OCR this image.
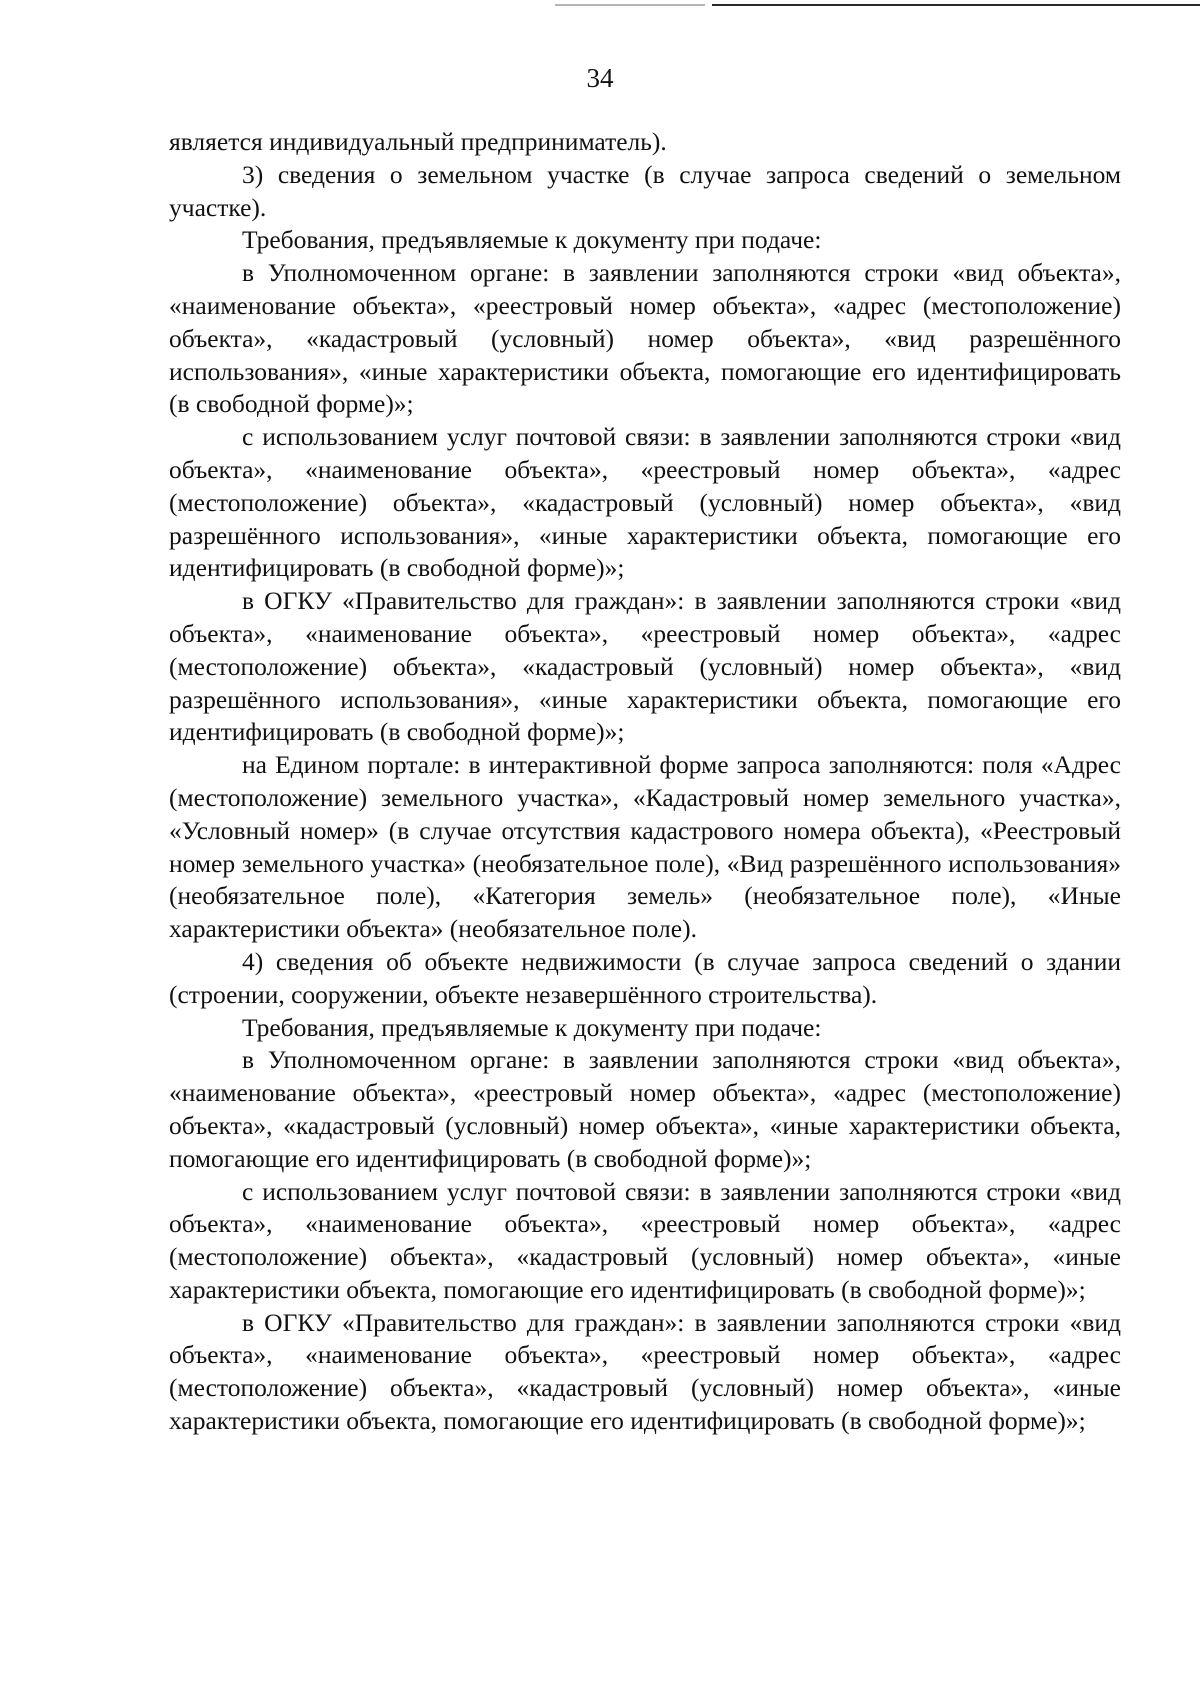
34

является индивидуальный предприниматель).

3) сведения о земельном участке (в случае запроса сведений о земельном участке).

Требования, предъявляемые к документу при подаче:

в Уполномоченном органе: в заявлении заполняются строки «вид объекта», «наименование объекта», «реестровый номер объекта», «адрес (местоположение) объекта», «кадастровый (условный) номер объекта», «вид разрешённого использования», «иные характеристики объекта, помогающие его идентифицировать (в свободной форме)»;

с использованием услуг почтовой связи: в заявлении заполняются строки «вид объекта», «наименование объекта», «реестровый номер объекта», «адрес (местоположение) объекта», «кадастровый (условный) номер объекта», «вид разрешённого использования», «иные характеристики объекта, помогающие его идентифицировать (в свободной форме)»;

в ОГКУ «Правительство для граждан»: в заявлении заполняются строки «вид объекта», «наименование объекта», «реестровый номер объекта», «адрес (местоположение) объекта», «кадастровый (условный) номер объекта», «вид разрешённого использования», «иные характеристики объекта, помогающие его идентифицировать (в свободной форме)»;

на Едином портале: в интерактивной форме запроса заполняются: поля «Адрес (местоположение) земельного участка», «Кадастровый номер земельного участка», «Условный номер» (в случае отсутствия кадастрового номера объекта), «Реестровый номер земельного участка» (необязательное поле), «Вид разрешённого использования» (необязательное поле), «Категория земель» (необязательное поле), «Иные характеристики объекта» (необязательное поле).

4) сведения об объекте недвижимости (в случае запроса сведений о здании (строении, сооружении, объекте незавершённого строительства).

Требования, предъявляемые к документу при подаче:

в Уполномоченном органе: в заявлении заполняются строки «вид объекта», «наименование объекта», «реестровый номер объекта», «адрес (местоположение) объекта», «кадастровый (условный) номер объекта», «иные характеристики объекта, помогающие его идентифицировать (в свободной форме)»;

с использованием услуг почтовой связи: в заявлении заполняются строки «вид объекта», «наименование объекта», «реестровый номер объекта», «адрес (местоположение) объекта», «кадастровый (условный) номер объекта», «иные характеристики объекта, помогающие его идентифицировать (в свободной форме)»;

в ОГКУ «Правительство для граждан»: в заявлении заполняются строки «вид объекта», «наименование объекта», «реестровый номер объекта», «адрес (местоположение) объекта», «кадастровый (условный) номер объекта», «иные характеристики объекта, помогающие его идентифицировать (в свободной форме)»;
